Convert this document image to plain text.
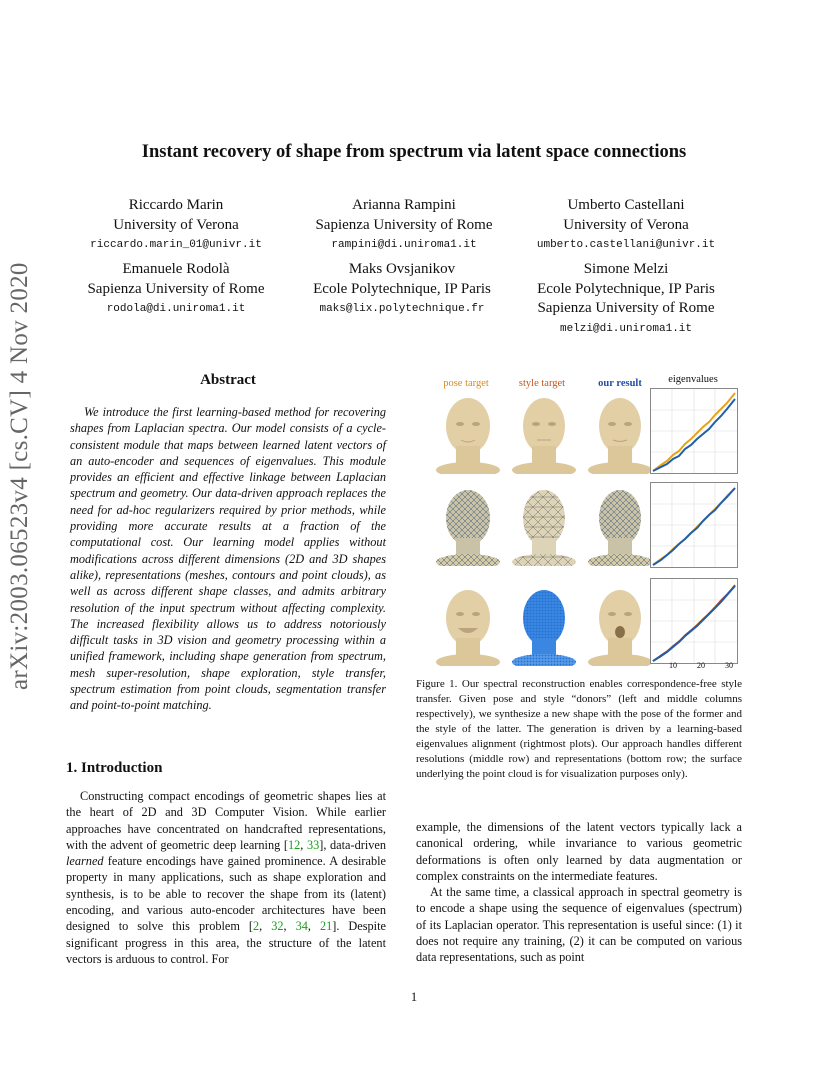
Instant recovery of shape from spectrum via latent space connections
Riccardo Marin
University of Verona
riccardo.marin_01@univr.it
Arianna Rampini
Sapienza University of Rome
rampini@di.uniroma1.it
Umberto Castellani
University of Verona
umberto.castellani@univr.it
Emanuele Rodolà
Sapienza University of Rome
rodola@di.uniroma1.it
Maks Ovsjanikov
Ecole Polytechnique, IP Paris
maks@lix.polytechnique.fr
Simone Melzi
Ecole Polytechnique, IP Paris
Sapienza University of Rome
melzi@di.uniroma1.it
arXiv:2003.06523v4 [cs.CV] 4 Nov 2020	Abstract

We introduce the first learning-based method for recovering shapes from Laplacian spectra. Our model consists of a cycle-consistent module that maps between learned latent vectors of an auto-encoder and sequences of eigenvalues. This module provides an efficient and effective linkage between Laplacian spectrum and geometry. Our data-driven approach replaces the need for ad-hoc regularizers required by prior methods, while providing more accurate results at a fraction of the computational cost. Our learning model applies without modifications across different dimensions (2D and 3D shapes alike), representations (meshes, contours and point clouds), as well as across different shape classes, and admits arbitrary resolution of the input spectrum without affecting complexity. The increased flexibility allows us to address notoriously difficult tasks in 3D vision and geometry processing within a unified framework, including shape generation from spectrum, mesh super-resolution, shape exploration, style transfer, spectrum estimation from point clouds, segmentation transfer and point-to-point matching.

1. Introduction

Constructing compact encodings of geometric shapes lies at the heart of 2D and 3D Computer Vision. While earlier approaches have concentrated on handcrafted representations, with the advent of geometric deep learning [12, 33], data-driven learned feature encodings have gained prominence. A desirable property in many applications, such as shape exploration and synthesis, is to be able to recover the shape from its (latent) encoding, and various auto-encoder architectures have been designed to solve this problem [2, 32, 34, 21]. Despite significant progress in this area, the structure of the latent vectors is arduous to control. For

example, the dimensions of the latent vectors typically lack a canonical ordering, while invariance to various geometric deformations is often only learned by data augmentation or complex constraints on the intermediate features.

At the same time, a classical approach in spectral geometry is to encode a shape using the sequence of eigenvalues (spectrum) of its Laplacian operator. This representation is useful since: (1) it does not require any training, (2) it can be computed on various data representations, such as point

pose target	style target	our result	eigenvalues
10	20	30
Figure 1. Our spectral reconstruction enables correspondence-free style transfer. Given pose and style “donors” (left and middle columns respectively), we synthesize a new shape with the pose of the former and the style of the latter. The generation is driven by a learning-based eigenvalues alignment (rightmost plots). Our approach handles different resolutions (middle row) and representations (bottom row; the surface underlying the point cloud is for visualization purposes only).
1
